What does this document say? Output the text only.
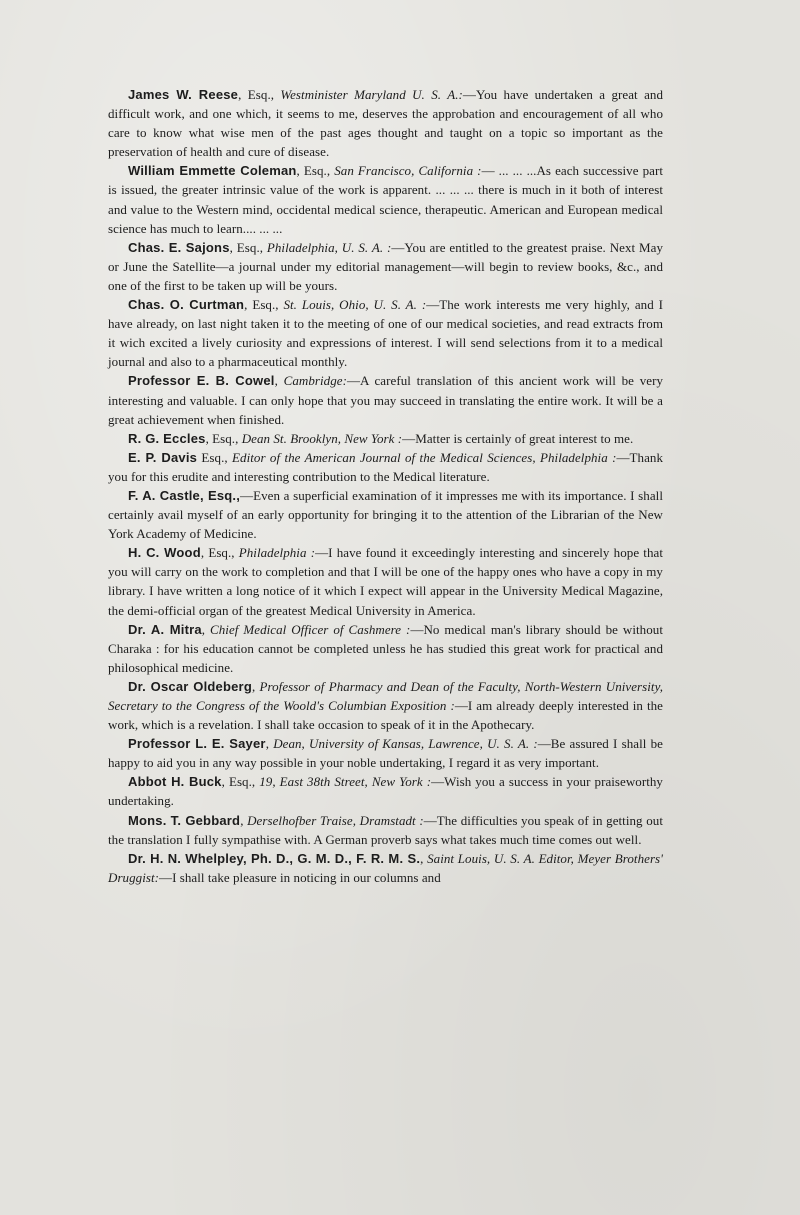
James W. Reese, Esq., Westminister Maryland U. S. A.:—You have undertaken a great and difficult work, and one which, it seems to me, deserves the approbation and encouragement of all who care to know what wise men of the past ages thought and taught on a topic so important as the preservation of health and cure of disease.

William Emmette Coleman, Esq., San Francisco, California :— ... ... ...As each successive part is issued, the greater intrinsic value of the work is apparent. ... ... ... there is much in it both of interest and value to the Western mind, occidental medical science, therapeutic. American and European medical science has much to learn.... ... ...

Chas. E. Sajons, Esq., Philadelphia, U. S. A. :—You are entitled to the greatest praise. Next May or June the Satellite—a journal under my editorial management—will begin to review books, &c., and one of the first to be taken up will be yours.

Chas. O. Curtman, Esq., St. Louis, Ohio, U. S. A. :—The work interests me very highly, and I have already, on last night taken it to the meeting of one of our medical societies, and read extracts from it wich excited a lively curiosity and expressions of interest. I will send selections from it to a medical journal and also to a pharmaceutical monthly.

Professor E. B. Cowel, Cambridge:—A careful translation of this ancient work will be very interesting and valuable. I can only hope that you may succeed in translating the entire work. It will be a great achievement when finished.

R. G. Eccles, Esq., Dean St. Brooklyn, New York :—Matter is certainly of great interest to me.

E. P. Davis Esq., Editor of the American Journal of the Medical Sciences, Philadelphia :—Thank you for this erudite and interesting contribution to the Medical literature.

F. A. Castle, Esq.,—Even a superficial examination of it impresses me with its importance. I shall certainly avail myself of an early opportunity for bringing it to the attention of the Librarian of the New York Academy of Medicine.

H. C. Wood, Esq., Philadelphia :—I have found it exceedingly interesting and sincerely hope that you will carry on the work to completion and that I will be one of the happy ones who have a copy in my library. I have written a long notice of it which I expect will appear in the University Medical Magazine, the demi-official organ of the greatest Medical University in America.

Dr. A. Mitra, Chief Medical Officer of Cashmere :—No medical man's library should be without Charaka : for his education cannot be completed unless he has studied this great work for practical and philosophical medicine.

Dr. Oscar Oldeberg, Professor of Pharmacy and Dean of the Faculty, North-Western University, Secretary to the Congress of the Woold's Columbian Exposition :—I am already deeply interested in the work, which is a revelation. I shall take occasion to speak of it in the Apothecary.

Professor L. E. Sayer, Dean, University of Kansas, Lawrence, U. S. A. :—Be assured I shall be happy to aid you in any way possible in your noble undertaking, I regard it as very important.

Abbot H. Buck, Esq., 19, East 38th Street, New York :—Wish you a success in your praiseworthy undertaking.

Mons. T. Gebbard, Derselhofber Traise, Dramstadt :—The difficulties you speak of in getting out the translation I fully sympathise with. A German proverb says what takes much time comes out well.

Dr. H. N. Whelpley, Ph. D., G. M. D., F. R. M. S., Saint Louis, U. S. A. Editor, Meyer Brothers' Druggist:—I shall take pleasure in noticing in our columns and
